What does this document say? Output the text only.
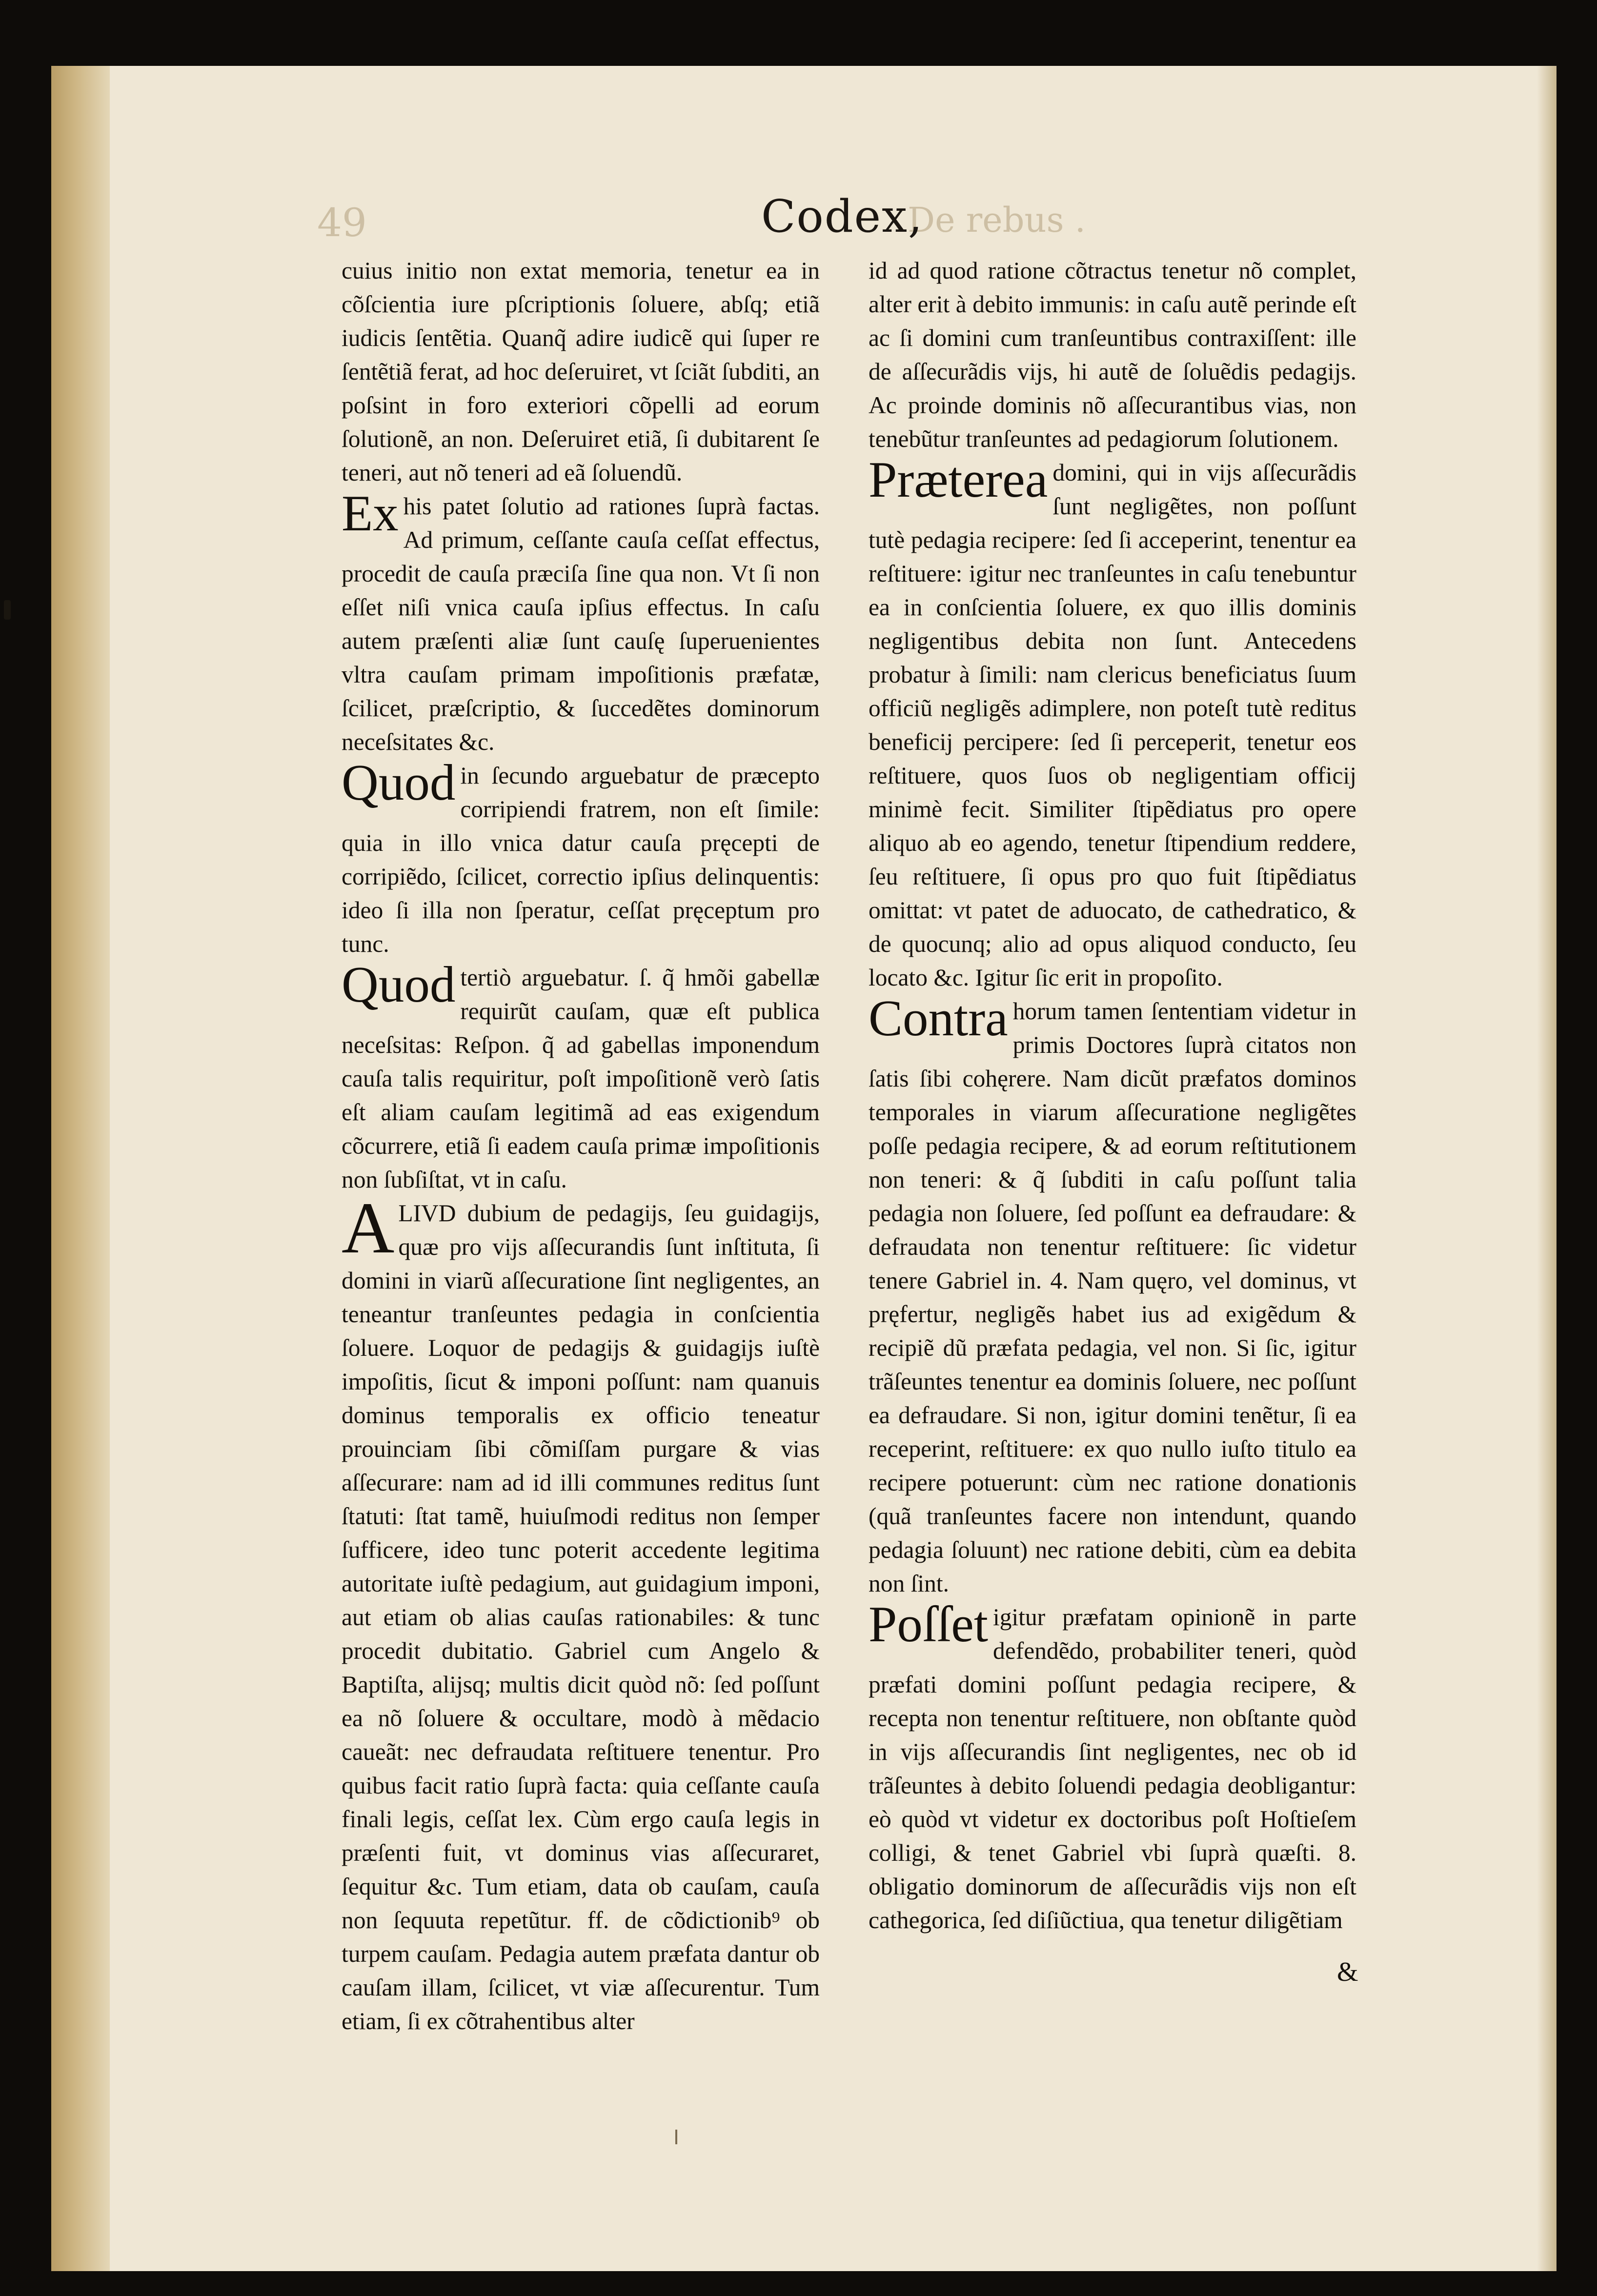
49	De rebus .
Codex,

cuius initio non extat memoria, tenetur ea in cõſcientia iure pſcriptionis ſoluere, abſq; etiã iudicis ſentẽtia. Quanq̃ adire iudicẽ qui ſuper re ſentẽtiã ferat, ad hoc deſeruiret, vt ſciãt ſubditi, an poſsint in foro exteriori cõpelli ad eorum ſolutionẽ, an non. Deſeruiret etiã, ſi dubitarent ſe teneri, aut nõ teneri ad eã ſoluendũ.

Ex his patet ſolutio ad rationes ſuprà factas. Ad primum, ceſſante cauſa ceſſat effectus, procedit de cauſa præciſa ſine qua non. Vt ſi non eſſet niſi vnica cauſa ipſius effectus. In caſu autem præſenti aliæ ſunt cauſę ſuperuenientes vltra cauſam primam impoſitionis præfatæ, ſcilicet, præſcriptio, & ſuccedẽtes dominorum neceſsitates &c.

Quod in ſecundo arguebatur de præcepto corripiendi fratrem, non eſt ſimile: quia in illo vnica datur cauſa pręcepti de corripiẽdo, ſcilicet, correctio ipſius delinquentis: ideo ſi illa non ſperatur, ceſſat pręceptum pro tunc.

Quod tertiò arguebatur. ſ. q̃ hmõi gabellæ requirũt cauſam, quæ eſt publica neceſsitas: Reſpon. q̃ ad gabellas imponendum cauſa talis requiritur, poſt impoſitionẽ verò ſatis eſt aliam cauſam legitimã ad eas exigendum cõcurrere, etiã ſi eadem cauſa primæ impoſitionis non ſubſiſtat, vt in caſu.

ALIVD dubium de pedagijs, ſeu guidagijs, quæ pro vijs aſſecurandis ſunt inſtituta, ſi domini in viarũ aſſecuratione ſint negligentes, an teneantur tranſeuntes pedagia in conſcientia ſoluere. Loquor de pedagijs & guidagijs iuſtè impoſitis, ſicut & imponi poſſunt: nam quanuis dominus temporalis ex officio teneatur prouinciam ſibi cõmiſſam purgare & vias aſſecurare: nam ad id illi communes reditus ſunt ſtatuti: ſtat tamẽ, huiuſmodi reditus non ſemper ſufficere, ideo tunc poterit accedente legitima autoritate iuſtè pedagium, aut guidagium imponi, aut etiam ob alias cauſas rationabiles: & tunc procedit dubitatio. Gabriel cum Angelo & Baptiſta, alijsq; multis dicit quòd nõ: ſed poſſunt ea nõ ſoluere & occultare, modò à mẽdacio caueãt: nec defraudata reſtituere tenentur. Pro quibus facit ratio ſuprà facta: quia ceſſante cauſa finali legis, ceſſat lex. Cùm ergo cauſa legis in præſenti fuit, vt dominus vias aſſecuraret, ſequitur &c. Tum etiam, data ob cauſam, cauſa non ſequuta repetũtur. ff. de cõdictionib⁹ ob turpem cauſam. Pedagia autem præfata dantur ob cauſam illam, ſcilicet, vt viæ aſſecurentur. Tum etiam, ſi ex cõtrahentibus alter

id ad quod ratione cõtractus tenetur nõ complet, alter erit à debito immunis: in caſu autẽ perinde eſt ac ſi domini cum tranſeuntibus contraxiſſent: ille de aſſecurãdis vijs, hi autẽ de ſoluẽdis pedagijs. Ac proinde dominis nõ aſſecurantibus vias, non tenebũtur tranſeuntes ad pedagiorum ſolutionem.

Præterea domini, qui in vijs aſſecurãdis ſunt negligẽtes, non poſſunt tutè pedagia recipere: ſed ſi acceperint, tenentur ea reſtituere: igitur nec tranſeuntes in caſu tenebuntur ea in conſcientia ſoluere, ex quo illis dominis negligentibus debita non ſunt. Antecedens probatur à ſimili: nam clericus beneficiatus ſuum officiũ negligẽs adimplere, non poteſt tutè reditus beneficij percipere: ſed ſi perceperit, tenetur eos reſtituere, quos ſuos ob negligentiam officij minimè fecit. Similiter ſtipẽdiatus pro opere aliquo ab eo agendo, tenetur ſtipendium reddere, ſeu reſtituere, ſi opus pro quo fuit ſtipẽdiatus omittat: vt patet de aduocato, de cathedratico, & de quocunq; alio ad opus aliquod conducto, ſeu locato &c. Igitur ſic erit in propoſito.

Contra horum tamen ſententiam videtur in primis Doctores ſuprà citatos non ſatis ſibi cohęrere. Nam dicũt præfatos dominos temporales in viarum aſſecuratione negligẽtes poſſe pedagia recipere, & ad eorum reſtitutionem non teneri: & q̃ ſubditi in caſu poſſunt talia pedagia non ſoluere, ſed poſſunt ea defraudare: & defraudata non tenentur reſtituere: ſic videtur tenere Gabriel in. 4. Nam quęro, vel dominus, vt pręfertur, negligẽs habet ius ad exigẽdum & recipiẽ dũ præfata pedagia, vel non. Si ſic, igitur trãſeuntes tenentur ea dominis ſoluere, nec poſſunt ea defraudare. Si non, igitur domini tenẽtur, ſi ea receperint, reſtituere: ex quo nullo iuſto titulo ea recipere potuerunt: cùm nec ratione donationis (quã tranſeuntes facere non intendunt, quando pedagia ſoluunt) nec ratione debiti, cùm ea debita non ſint.

Poſſet igitur præfatam opinionẽ in parte defendẽdo, probabiliter teneri, quòd præfati domini poſſunt pedagia recipere, & recepta non tenentur reſtituere, non obſtante quòd in vijs aſſecurandis ſint negligentes, nec ob id trãſeuntes à debito ſoluendi pedagia deobligantur: eò quòd vt videtur ex doctoribus poſt Hoſtieſem colligi, & tenet Gabriel vbi ſuprà quæſti. 8. obligatio dominorum de aſſecurãdis vijs non eſt cathegorica, ſed diſiũctiua, qua tenetur diligẽtiam

&
